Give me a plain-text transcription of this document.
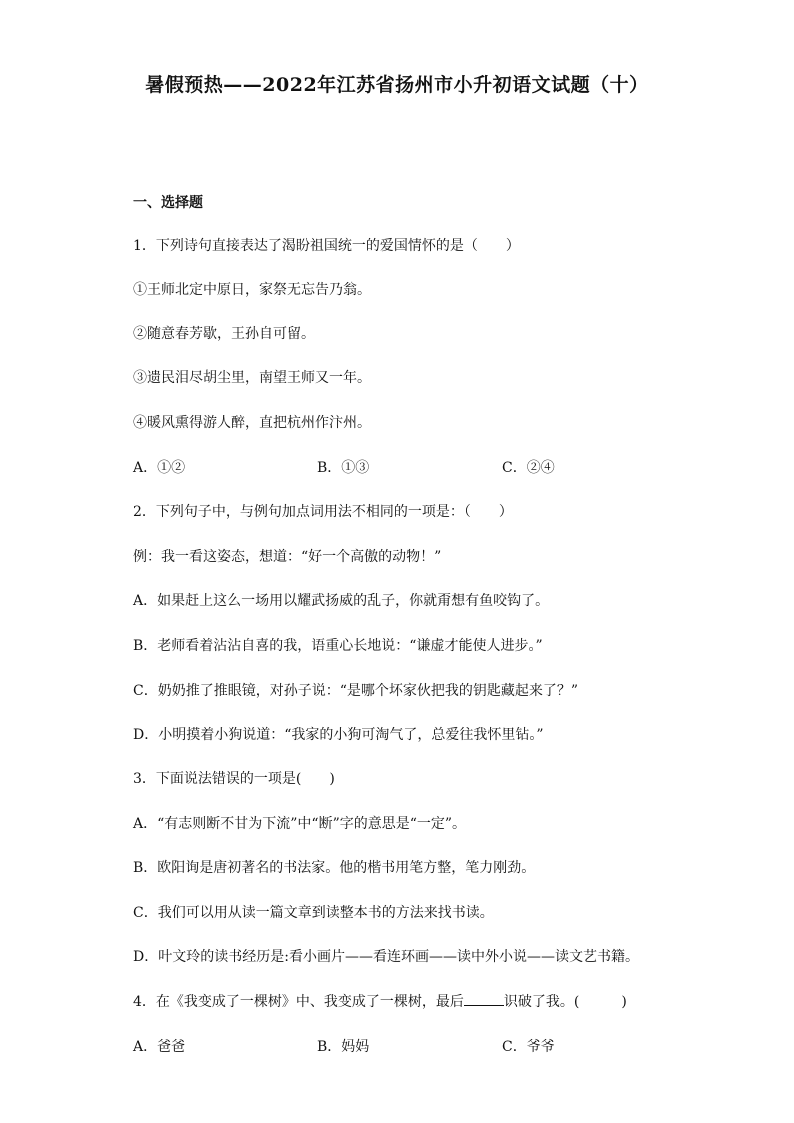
暑假预热——2022年江苏省扬州市小升初语文试题（十）
一、选择题
1．下列诗句直接表达了渴盼祖国统一的爱国情怀的是（　　）
①王师北定中原日，家祭无忘告乃翁。
②随意春芳歇，王孙自可留。
③遗民泪尽胡尘里，南望王师又一年。
④暖风熏得游人醉，直把杭州作汴州。
A．①②	B．①③	C．②④
2．下列句子中，与例句加点词用法不相同的一项是：（　　）
例：我一看这姿态，想道：“好一个高傲的动物！”
A．如果赶上这么一场用以耀武扬威的乱子，你就甭想有鱼咬钩了。
B．老师看着沾沾自喜的我，语重心长地说：“谦虚才能使人进步。”
C．奶奶推了推眼镜，对孙子说：“是哪个坏家伙把我的钥匙藏起来了？”
D．小明摸着小狗说道：“我家的小狗可淘气了，总爱往我怀里钻。”
3．下面说法错误的一项是(　　)
A．“有志则断不甘为下流”中“断”字的意思是“一定”。
B．欧阳询是唐初著名的书法家。他的楷书用笔方整，笔力刚劲。
C．我们可以用从读一篇文章到读整本书的方法来找书读。
D．叶文玲的读书经历是:看小画片——看连环画——读中外小说——读文艺书籍。
4．在《我变成了一棵树》中、我变成了一棵树，最后	识破了我。(　　　)
A．爸爸	B．妈妈	C．爷爷
